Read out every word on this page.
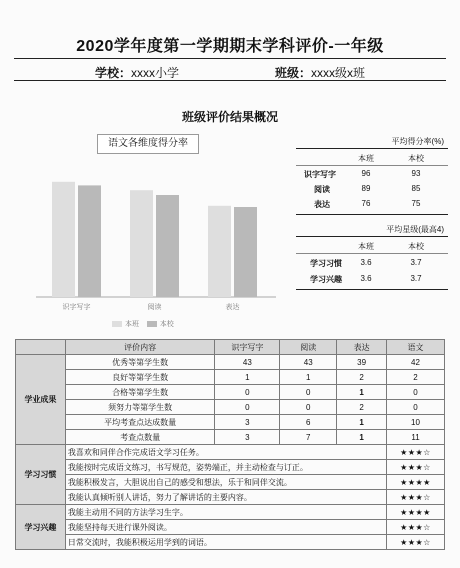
2020学年度第一学期期末学科评价-一年级
学校：xxxx小学	班级：xxxx级x班
班级评价结果概况
语文各维度得分率
识字写字	阅读	表达
本班	本校
平均得分率(%)
本班	本校
识字写字	96	93
阅读	89	85
表达	76	75
平均星级(最高4)
本班	本校
学习习惯	3.6	3.7
学习兴趣	3.6	3.7
	评价内容	识字写字	阅读	表达	语文
学业成果	优秀等第学生数	43	43	39	42
	良好等第学生数	1	1	2	2
	合格等第学生数	0	0	1	0
	须努力等第学生数	0	0	2	0
	平均考查点达成数量	3	6	1	10
	考查点数量	3	7	1	11
学习习惯	我喜欢和同伴合作完成语文学习任务。				★★★☆
	我能按时完成语文练习，书写规范，姿势端正，并主动检查与订正。				★★★☆
	我能积极发言，大胆说出自己的感受和想法，乐于和同伴交流。				★★★★
	我能认真倾听别人讲话，努力了解讲话的主要内容。				★★★☆
学习兴趣	我能主动用不同的方法学习生字。				★★★★
	我能坚持每天进行课外阅读。				★★★☆
	日常交流时，我能积极运用学到的词语。				★★★☆
